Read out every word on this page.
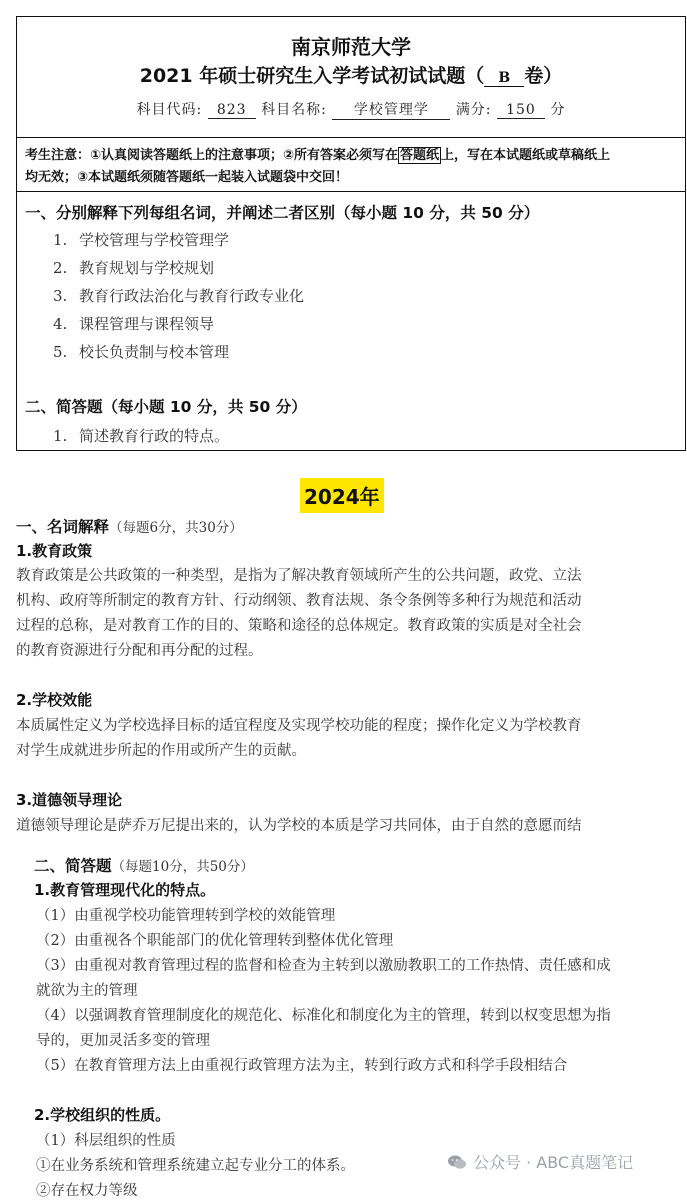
南京师范大学
2021 年硕士研究生入学考试初试试题（ B 卷）
科目代码: 823 科目名称: 学校管理学 满分: 150 分
考生注意：①认真阅读答题纸上的注意事项；②所有答案必须写在 答题纸 上，写在本试题纸或草稿纸上
均无效；③本试题纸须随答题纸一起装入试题袋中交回！
一、分别解释下列每组名词，并阐述二者区别（每小题 10 分，共 50 分）
1. 学校管理与学校管理学
2. 教育规划与学校规划
3. 教育行政法治化与教育行政专业化
4. 课程管理与课程领导
5. 校长负责制与校本管理
二、简答题（每小题 10 分，共 50 分）
1. 简述教育行政的特点。
2024年
一、名词解释（每题6分，共30分）
1.教育政策
教育政策是公共政策的一种类型，是指为了解决教育领域所产生的公共问题，政党、立法
机构、政府等所制定的教育方针、行动纲领、教育法规、条令条例等多种行为规范和活动
过程的总称，是对教育工作的目的、策略和途径的总体规定。教育政策的实质是对全社会
的教育资源进行分配和再分配的过程。
2.学校效能
本质属性定义为学校选择目标的适宜程度及实现学校功能的程度；操作化定义为学校教育
对学生成就进步所起的作用或所产生的贡献。
3.道德领导理论
道德领导理论是萨乔万尼提出来的，认为学校的本质是学习共同体，由于自然的意愿而结
二、简答题（每题10分，共50分）
1.教育管理现代化的特点。
（1）由重视学校功能管理转到学校的效能管理
（2）由重视各个职能部门的优化管理转到整体优化管理
（3）由重视对教育管理过程的监督和检查为主转到以激励教职工的工作热情、责任感和成
就欲为主的管理
（4）以强调教育管理制度化的规范化、标准化和制度化为主的管理，转到以权变思想为指
导的，更加灵活多变的管理
（5）在教育管理方法上由重视行政管理方法为主，转到行政方式和科学手段相结合
2.学校组织的性质。
（1）科层组织的性质
①在业务系统和管理系统建立起专业分工的体系。
②存在权力等级
公众号 · ABC真题笔记
